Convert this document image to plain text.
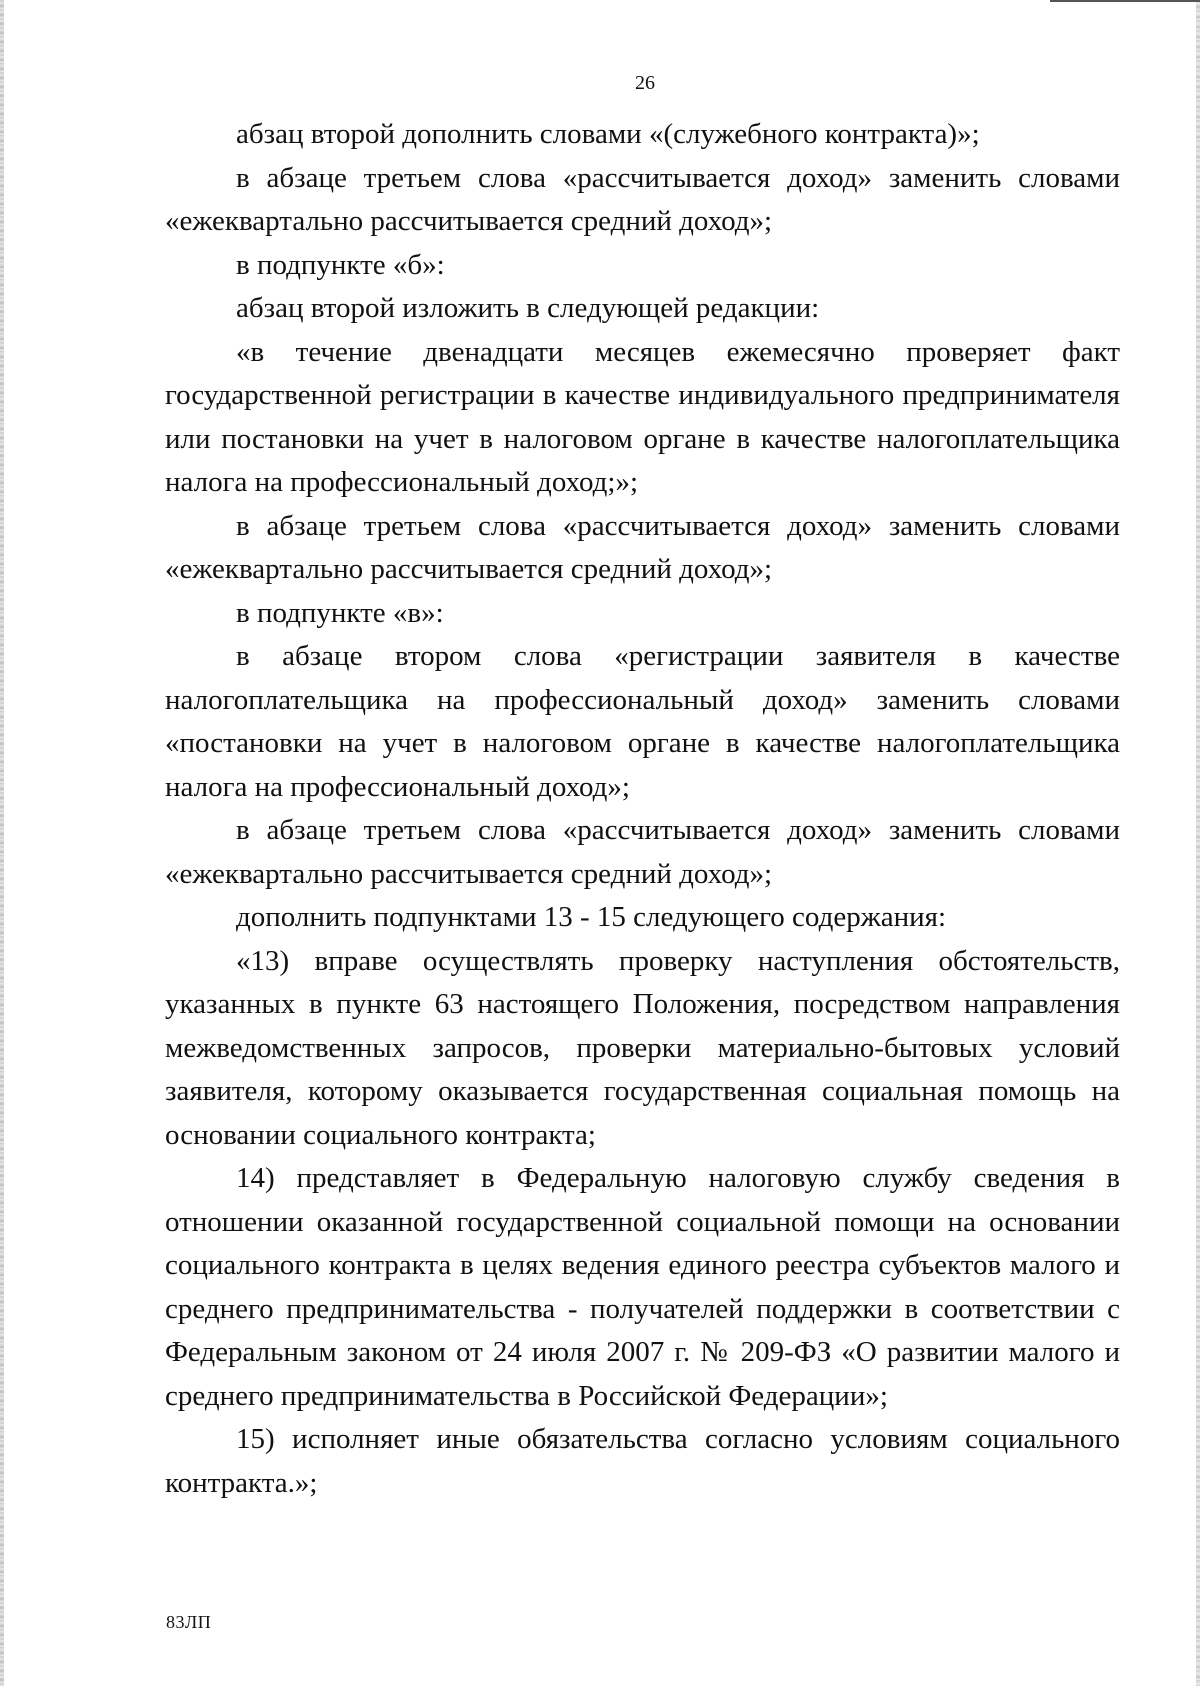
26

абзац второй дополнить словами «(служебного контракта)»;

в абзаце третьем слова «рассчитывается доход» заменить словами «ежеквартально рассчитывается средний доход»;

в подпункте «б»:

абзац второй изложить в следующей редакции:

«в течение двенадцати месяцев ежемесячно проверяет факт государственной регистрации в качестве индивидуального предпринимателя или постановки на учет в налоговом органе в качестве налогоплательщика налога на профессиональный доход;»;

в абзаце третьем слова «рассчитывается доход» заменить словами «ежеквартально рассчитывается средний доход»;

в подпункте «в»:

в абзаце втором слова «регистрации заявителя в качестве налогоплательщика на профессиональный доход» заменить словами «постановки на учет в налоговом органе в качестве налогоплательщика налога на профессиональный доход»;

в абзаце третьем слова «рассчитывается доход» заменить словами «ежеквартально рассчитывается средний доход»;

дополнить подпунктами 13 - 15 следующего содержания:

«13) вправе осуществлять проверку наступления обстоятельств, указанных в пункте 63 настоящего Положения, посредством направления межведомственных запросов, проверки материально-бытовых условий заявителя, которому оказывается государственная социальная помощь на основании социального контракта;

14) представляет в Федеральную налоговую службу сведения в отношении оказанной государственной социальной помощи на основании социального контракта в целях ведения единого реестра субъектов малого и среднего предпринимательства - получателей поддержки в соответствии с Федеральным законом от 24 июля 2007 г. № 209-ФЗ «О развитии малого и среднего предпринимательства в Российской Федерации»;

15) исполняет иные обязательства согласно условиям социального контракта.»;

83ЛП
